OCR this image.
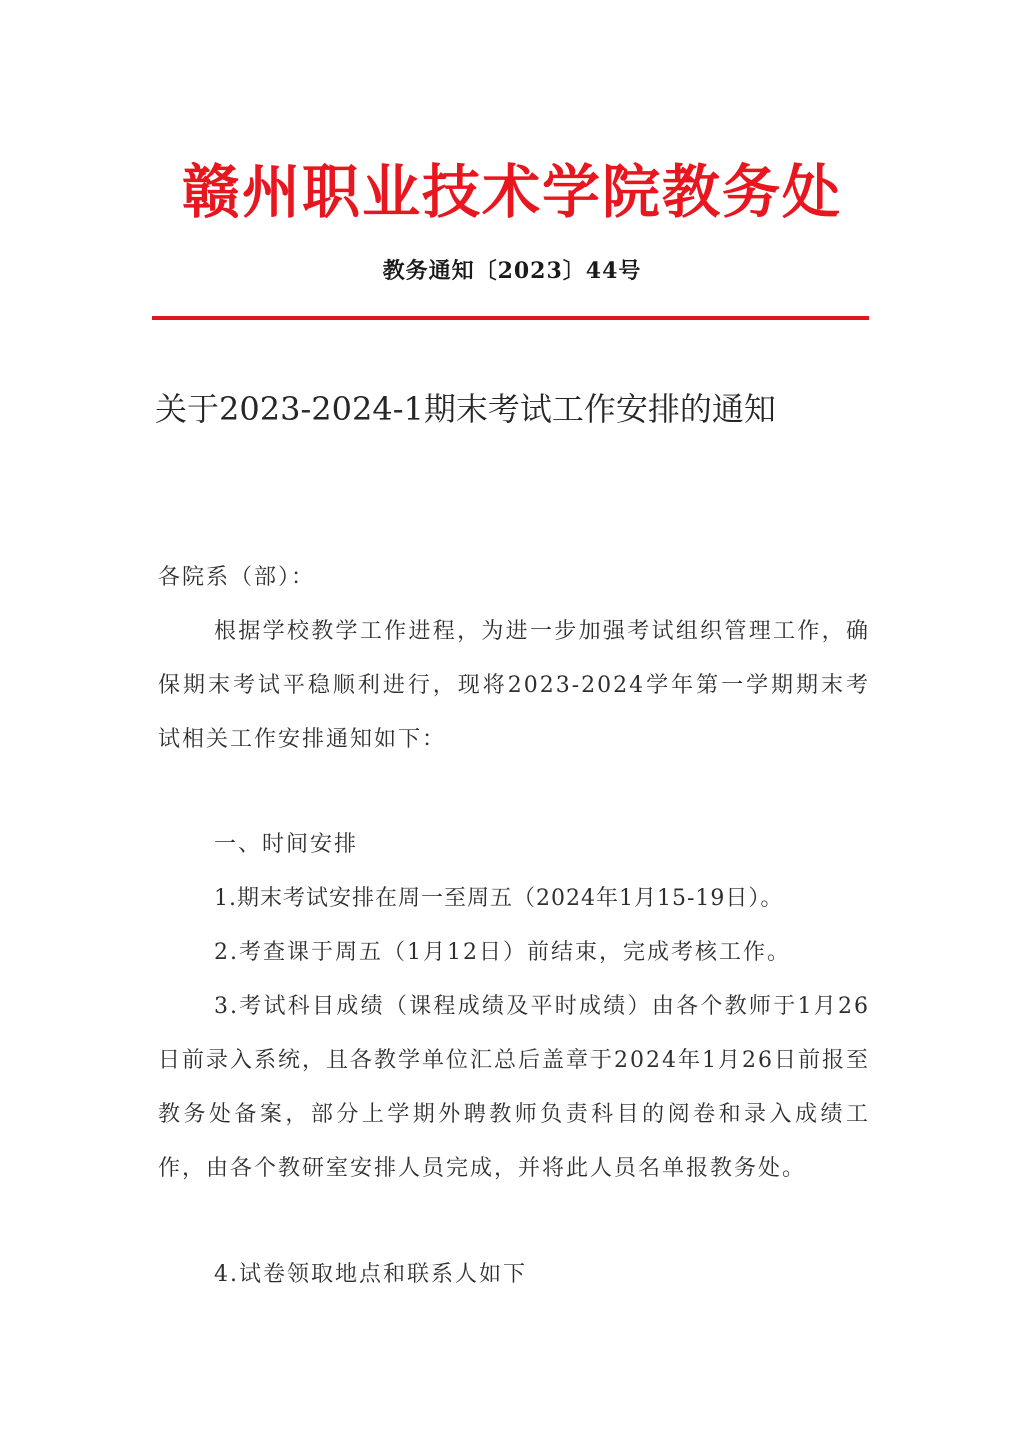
赣州职业技术学院教务处
教务通知〔2023〕44号
关于2023-2024-1期末考试工作安排的通知
各院系（部）：
根据学校教学工作进程，为进一步加强考试组织管理工作，确保期末考试平稳顺利进行，现将2023-2024学年第一学期期末考试相关工作安排通知如下：
一、时间安排
1.期末考试安排在周一至周五（2024年1月15-19日）。
2.考查课于周五（1月12日）前结束，完成考核工作。
3.考试科目成绩（课程成绩及平时成绩）由各个教师于1月26日前录入系统，且各教学单位汇总后盖章于2024年1月26日前报至教务处备案，部分上学期外聘教师负责科目的阅卷和录入成绩工作，由各个教研室安排人员完成，并将此人员名单报教务处。
4.试卷领取地点和联系人如下
